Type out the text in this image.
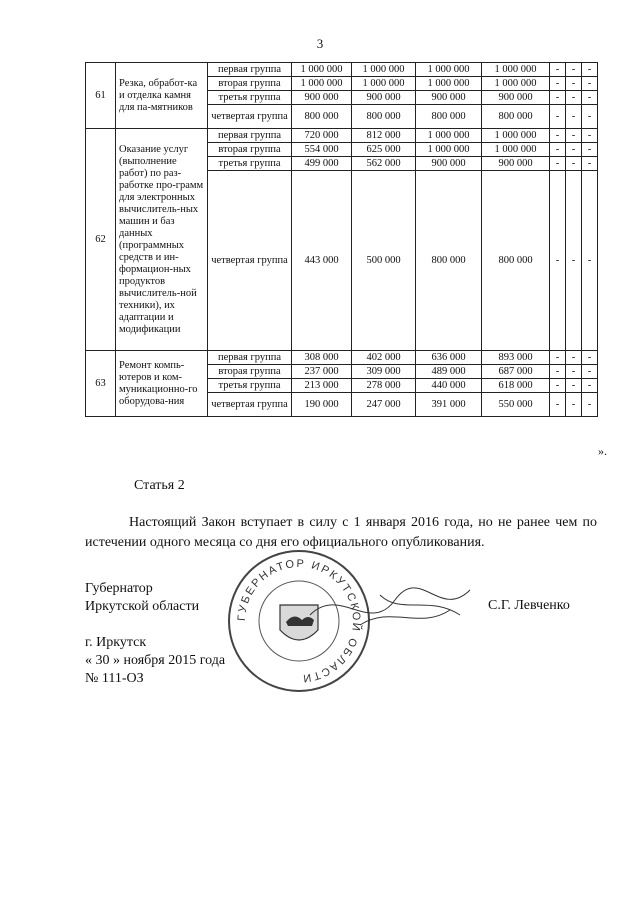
3
61	Резка, обработ-ка и отделка камня для па-мятников	первая группа	1 000 000	1 000 000	1 000 000	1 000 000	-	-	-
		вторая группа	1 000 000	1 000 000	1 000 000	1 000 000	-	-	-
		третья группа	900 000	900 000	900 000	900 000	-	-	-
		четвертая группа	800 000	800 000	800 000	800 000	-	-	-
62	Оказание услуг (выполнение работ) по раз-работке про-грамм для электронных вычислитель-ных машин и баз данных (программных средств и ин-формацион-ных продуктов вычислитель-ной техники), их адаптации и модификации	первая группа	720 000	812 000	1 000 000	1 000 000	-	-	-
		вторая группа	554 000	625 000	1 000 000	1 000 000	-	-	-
		третья группа	499 000	562 000	900 000	900 000	-	-	-
		четвертая группа	443 000	500 000	800 000	800 000	-	-	-
63	Ремонт компь-ютеров и ком-муникационно-го оборудова-ния	первая группа	308 000	402 000	636 000	893 000	-	-	-
		вторая группа	237 000	309 000	489 000	687 000	-	-	-
		третья группа	213 000	278 000	440 000	618 000	-	-	-
		четвертая группа	190 000	247 000	391 000	550 000	-	-	-
».
Статья 2
Настоящий Закон вступает в силу с 1 января 2016 года, но не ранее чем по истечении одного месяца со дня его официального опубликования.
Губернатор
Иркутской области	С.Г. Левченко
г. Иркутск
« 30 » ноября 2015 года
№ 111-ОЗ
ГУБЕРНАТОР ИРКУТСКОЙ ОБЛАСТИ
